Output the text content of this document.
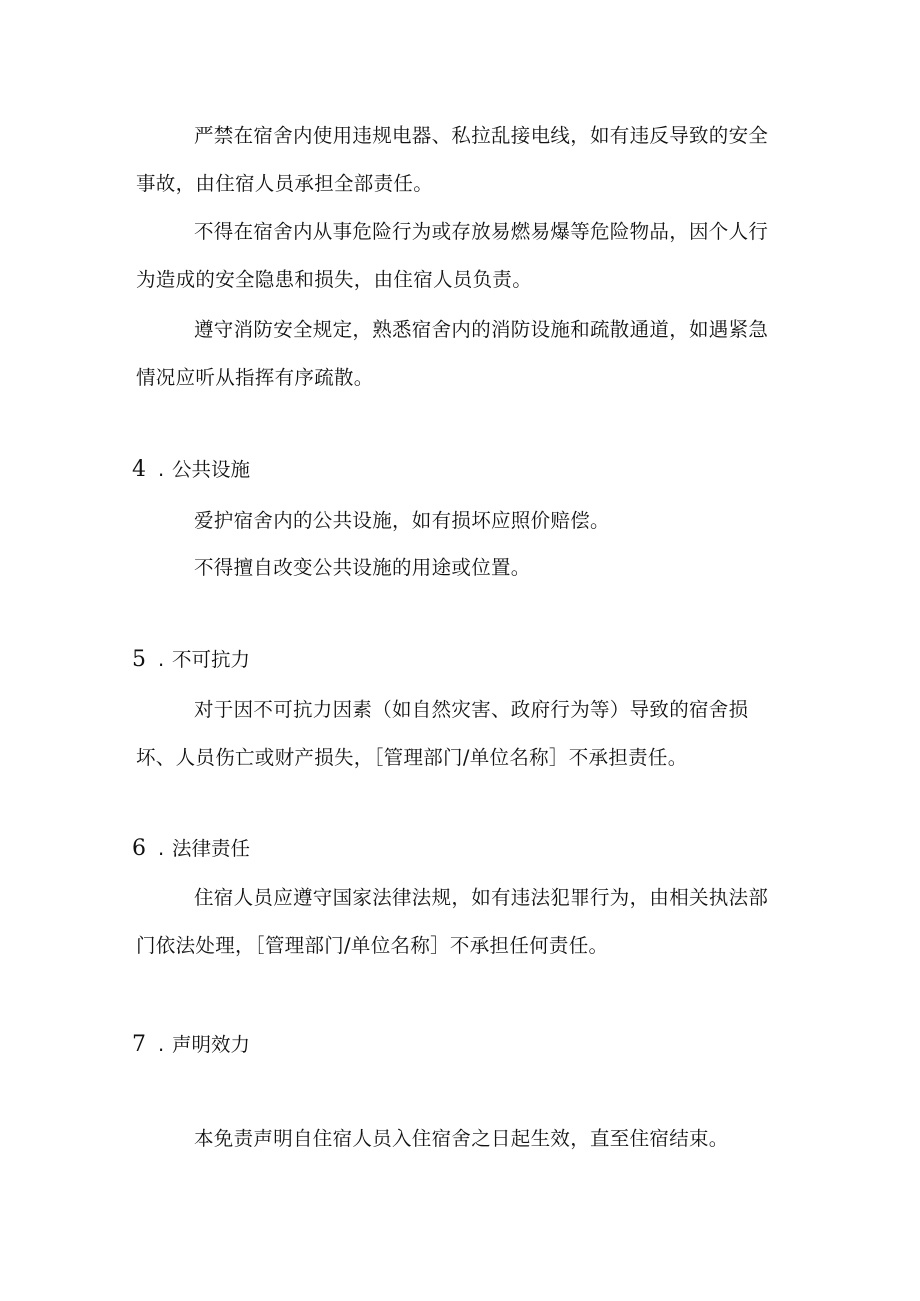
严禁在宿舍内使用违规电器、私拉乱接电线，如有违反导致的安全事故，由住宿人员承担全部责任。

不得在宿舍内从事危险行为或存放易燃易爆等危险物品，因个人行为造成的安全隐患和损失，由住宿人员负责。

遵守消防安全规定，熟悉宿舍内的消防设施和疏散通道，如遇紧急情况应听从指挥有序疏散。

4 . 公共设施

爱护宿舍内的公共设施，如有损坏应照价赔偿。

不得擅自改变公共设施的用途或位置。

5 . 不可抗力

对于因不可抗力因素（如自然灾害、政府行为等）导致的宿舍损坏、人员伤亡或财产损失，［管理部门/单位名称］不承担责任。

6 . 法律责任

住宿人员应遵守国家法律法规，如有违法犯罪行为，由相关执法部门依法处理，［管理部门/单位名称］不承担任何责任。

7 . 声明效力

本免责声明自住宿人员入住宿舍之日起生效，直至住宿结束。
